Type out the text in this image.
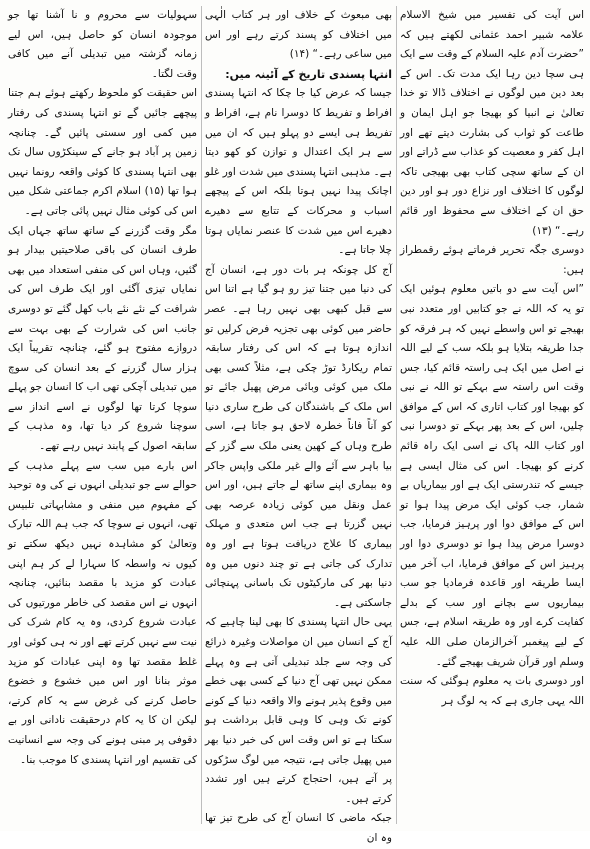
اس آیت کی تفسیر میں شیخ الاسلام علامہ شبیر احمد عثمانی لکھتے ہیں کہ ”حضرت آدم علیہ السلام کے وقت سے ایک ہی سچا دین رہا ایک مدت تک۔ اس کے بعد دین میں لوگوں نے اختلاف ڈالا تو خدا تعالیٰ نے انبیا کو بھیجا جو اہل ایمان و طاعت کو ثواب کی بشارت دیتے تھے اور اہل کفر و معصیت کو عذاب سے ڈراتے اور ان کے ساتھ سچی کتاب بھی بھیجی تاکہ لوگوں کا اختلاف اور نزاع دور ہو اور دین حق ان کے اختلاف سے محفوظ اور قائم رہے۔“ (۱۳)

دوسری جگہ تحریر فرماتے ہوئے رقمطراز ہیں:

”اس آیت سے دو باتیں معلوم ہوئیں ایک تو یہ کہ اللہ نے جو کتابیں اور متعدد نبی بھیجے تو اس واسطے نہیں کہ ہر فرقہ کو جدا طریقہ بتلایا ہو بلکہ سب کے لیے اللہ نے اصل میں ایک ہی راستہ قائم کیا، جس وقت اس راستہ سے بہکے تو اللہ نے نبی کو بھیجا اور کتاب اتاری کہ اس کے موافق چلیں، اس کے بعد پھر بہکے تو دوسرا نبی اور کتاب اللہ پاک نے اسی ایک راہ قائم کرنے کو بھیجا۔ اس کی مثال ایسی ہے جیسے کہ تندرستی ایک ہے اور بیماریاں بے شمار، جب کوئی ایک مرض پیدا ہوا تو اس کے موافق دوا اور پرہیز فرمایا، جب دوسرا مرض پیدا ہوا تو دوسری دوا اور پرہیز اس کے موافق فرمایا، اب آخر میں ایسا طریقہ اور قاعدہ فرمادیا جو سب بیماریوں سے بچانے اور سب کے بدلے کفایت کرے اور وہ طریقہ اسلام ہے، جس کے لیے پیغمبر آخرالزمان صلی اللہ علیہ وسلم اور قرآن شریف بھیجے گئے۔

اور دوسری بات یہ معلوم ہوگئی کہ سنت اللہ یہی جاری ہے کہ یہ لوگ ہر

بھی مبعوث کے خلاف اور ہر کتاب الٰہی میں اختلاف کو پسند کرتے رہے اور اس میں ساعی رہے۔“ (۱۴)

انتہا پسندی تاریخ کے آئینہ میں:

جیسا کہ عرض کیا جا چکا کہ انتہا پسندی افراط و تفریط کا دوسرا نام ہے، افراط و تفریط ہی ایسے دو پہلو ہیں کہ ان میں سے ہر ایک اعتدال و توازن کو کھو دیتا ہے۔ مذہبی انتہا پسندی میں شدت اور غلو اچانک پیدا نہیں ہوتا بلکہ اس کے پیچھے اسباب و محرکات کے تتابع سے دھیرے دھیرے اس میں شدت کا عنصر نمایاں ہوتا چلا جاتا ہے۔

آج کل چونکہ ہر بات دور ہے، انسان آج کی دنیا میں جتنا تیز رو ہو گیا ہے اتنا اس سے قبل کبھی بھی نہیں رہا ہے۔ عصر حاضر میں کوئی بھی تجزیہ فرض کرلیں تو اندازہ ہوتا ہے کہ اس کی رفتار سابقہ تمام ریکارڈ توڑ چکی ہے، مثلاً کسی بھی ملک میں کوئی وبائی مرض پھیل جائے تو اس ملک کے باشندگان کی طرح ساری دنیا کو آناً فاناً خطرہ لاحق ہو جاتا ہے، اسی طرح وہاں کے کھین یعنی ملک سے گزر کے بیا باہر سے آئے والے غیر ملکی واپس جاکر وہ بیماری اپنے ساتھ لے جاتے ہیں، اور اس عمل ونقل میں کوئی زیادہ عرصہ بھی نہیں گزرتا ہے جب اس متعدی و مہلک بیماری کا علاج دریافت ہوتا ہے اور وہ تدارک کی جاتی ہے تو چند دنوں میں وہ دنیا بھر کی مارکیٹوں تک باسانی پہنچائی جاسکتی ہے۔

یہی حال انتہا پسندی کا بھی لینا چاہیے کہ آج کے انسان میں ان مواصلات وغیرہ ذرائع کی وجہ سے جلد تبدیلی آتی ہے وہ پہلے ممکن نہیں تھی آج دنیا کے کسی بھی خطے میں وقوع پذیر ہونے والا واقعہ دنیا کے کونے کونے تک وہی کا وہی قابل برداشت ہو سکتا ہے تو اس وقت اس کی خبر دنیا بھر میں پھیل جاتی ہے، نتیجہ میں لوگ سڑکوں پر آتے ہیں، احتجاج کرتے ہیں اور تشدد کرتے ہیں۔

جبکہ ماضی کا انسان آج کی طرح تیز تھا وہ ان

سہولیات سے محروم و نا آشنا تھا جو موجودہ انسان کو حاصل ہیں، اس لیے زمانہ گزشتہ میں تبدیلی آنے میں کافی وقت لگتا۔

اس حقیقت کو ملحوظ رکھتے ہوئے ہم جتنا پیچھے جائیں گے تو انتہا پسندی کی رفتار میں کمی اور سستی پائیں گے۔ چنانچہ زمین پر آباد ہو جانے کے سینکڑوں سال تک بھی انتہا پسندی کا کوئی واقعہ رونما نہیں ہوا تھا (۱۵) اسلام اکرم جماعتی شکل میں اس کی کوئی مثال نہیں پائی جاتی ہے۔

مگر وقت گزرنے کے ساتھ ساتھ جہاں ایک طرف انسان کی باقی صلاحیتیں بیدار ہو گئیں، وہاں اس کی منفی استعداد میں بھی نمایاں تیزی آگئی اور ایک طرف اس کی شرافت کے نئے نئے باب کھل گئے تو دوسری جانب اس کی شرارت کے بھی بہت سے دروازے مفتوح ہو گئے، چنانچہ تقریباً ایک ہزار سال گزرنے کے بعد انسان کی سوچ میں تبدیلی آچکی تھی اب کا انسان جو پہلے سوچا کرتا تھا لوگوں نے اسے انداز سے سوچنا شروع کر دیا تھا، وہ مذہب کے سابقہ اصول کے پابند نہیں رہے تھے۔

اس بارے میں سب سے پہلے مذہب کے حوالے سے جو تبدیلی انہوں نے کی وہ توحید کے مفہوم میں منفی و مشابہاتی تلبیس تھی، انہوں نے سوچا کہ جب ہم اللہ تبارک وتعالیٰ کو مشاہدہ نہیں دیکھ سکتے تو کیوں نہ واسطہ کا سہارا لے کر ہم اپنی عبادت کو مزید با مقصد بنائیں، چنانچہ انہوں نے اس مقصد کی خاطر مورتیوں کی عبادت شروع کردی، وہ یہ کام شرک کی نیت سے نہیں کرتے تھے اور نہ ہی کوئی اور غلط مقصد تھا وہ اپنی عبادات کو مزید موثر بنانا اور اس میں خشوع و خضوع حاصل کرنے کی غرض سے یہ کام کرتے، لیکن ان کا یہ کام درحقیقت نادانی اور بے دقوفی پر مبنی ہونے کی وجہ سے انسانیت کی تقسیم اور انتہا پسندی کا موجب بنا۔
